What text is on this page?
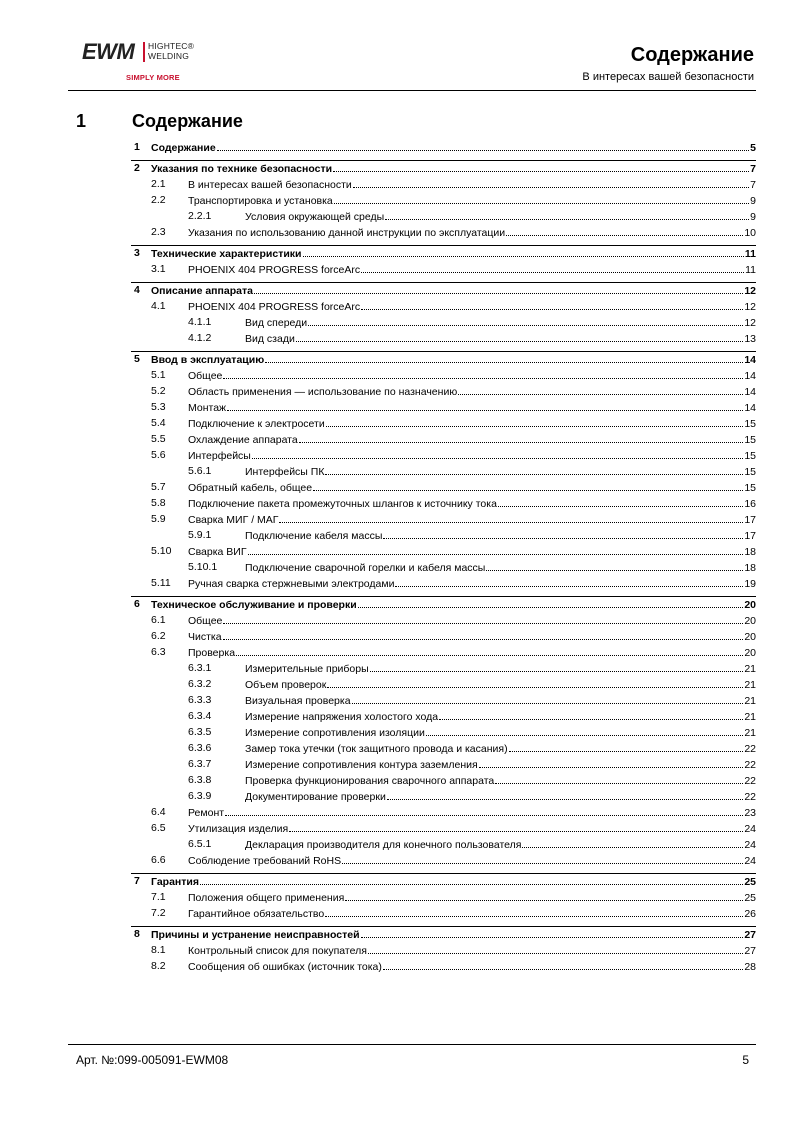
EWM HIGHTEC®
WELDING
SIMPLY MORE
Содержание
В интересах вашей безопасности
1	Содержание
1 Содержание	5
2 Указания по технике безопасности	7
2.1 В интересах вашей безопасности	7
2.2 Транспортировка и установка	9
2.2.1	Условия окружающей среды	9
2.3 Указания по использованию данной инструкции по эксплуатации	10
3 Технические характеристики	11
3.1 PHOENIX 404 PROGRESS forceArc	11
4 Описание аппарата	12
4.1 PHOENIX 404 PROGRESS forceArc	12
4.1.1	Вид спереди	12
4.1.2	Вид сзади	13
5 Ввод в эксплуатацию	14
5.1 Общее	14
5.2 Область применения — использование по назначению	14
5.3 Монтаж	14
5.4 Подключение к электросети	15
5.5 Охлаждение аппарата	15
5.6 Интерфейсы	15
5.6.1	Интерфейсы ПК	15
5.7 Обратный кабель, общее	15
5.8 Подключение пакета промежуточных шлангов к источнику тока	16
5.9 Сварка МИГ / МАГ	17
5.9.1	Подключение кабеля массы	17
5.10 Сварка ВИГ	18
5.10.1	Подключение сварочной горелки и кабеля массы	18
5.11 Ручная сварка стержневыми электродами	19
6 Техническое обслуживание и проверки	20
6.1 Общее	20
6.2 Чистка	20
6.3 Проверка	20
6.3.1	Измерительные приборы	21
6.3.2	Объем проверок	21
6.3.3	Визуальная проверка	21
6.3.4	Измерение напряжения холостого хода	21
6.3.5	Измерение сопротивления изоляции	21
6.3.6	Замер тока утечки (ток защитного провода и касания)	22
6.3.7	Измерение сопротивления контура заземления	22
6.3.8	Проверка функционирования сварочного аппарата	22
6.3.9	Документирование проверки	22
6.4 Ремонт	23
6.5 Утилизация изделия	24
6.5.1	Декларация производителя для конечного пользователя	24
6.6 Соблюдение требований RoHS	24
7 Гарантия	25
7.1 Положения общего применения	25
7.2 Гарантийное обязательство	26
8 Причины и устранение неисправностей	27
8.1 Контрольный список для покупателя	27
8.2 Сообщения об ошибках (источник тока)	28
Арт. №:099-005091-EWM08	5
